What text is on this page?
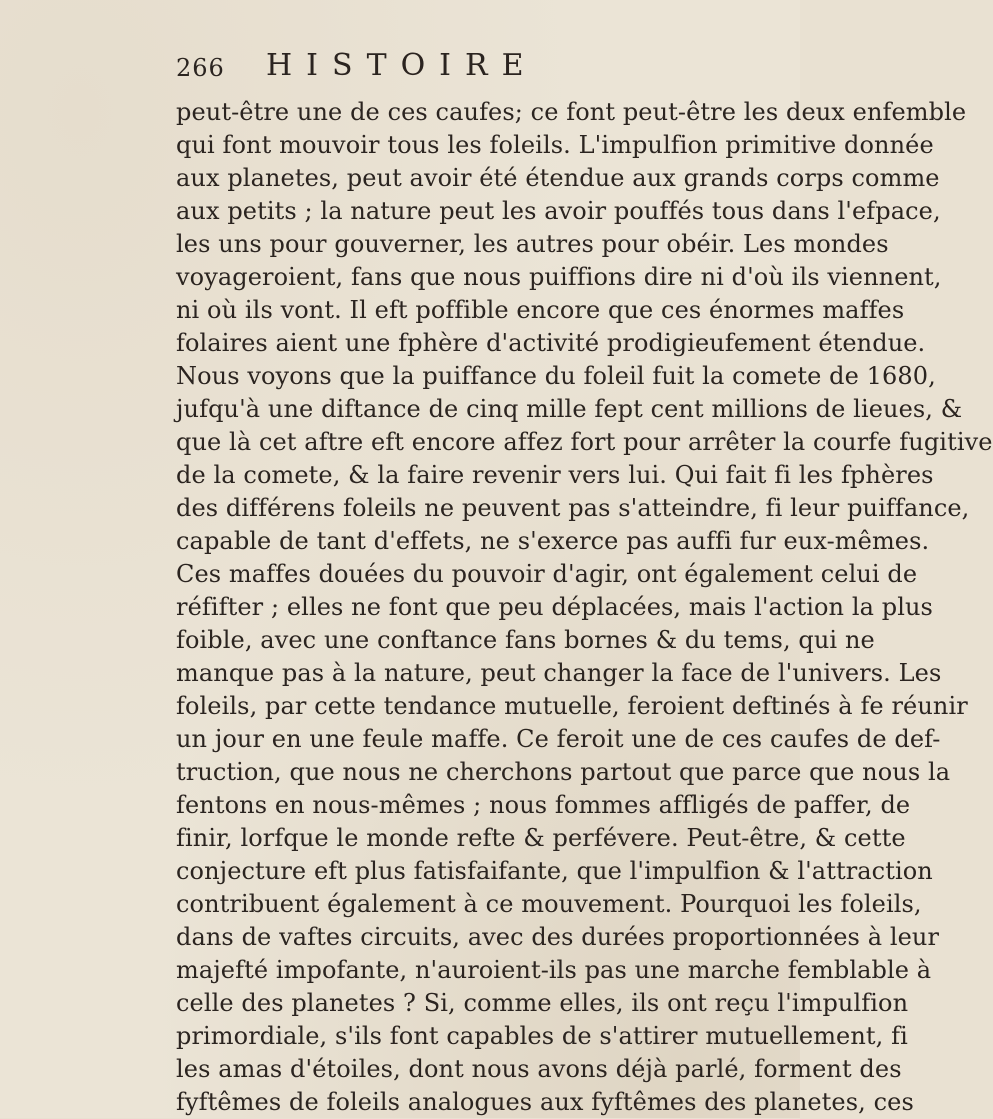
266 HISTOIRE
peut-être une de ces caufes; ce font peut-être les deux enfemble
qui font mouvoir tous les foleils. L'impulfion primitive donnée
aux planetes, peut avoir été étendue aux grands corps comme
aux petits ; la nature peut les avoir pouffés tous dans l'efpace,
les uns pour gouverner, les autres pour obéir. Les mondes
voyageroient, fans que nous puiffions dire ni d'où ils viennent,
ni où ils vont. Il eft poffible encore que ces énormes maffes
folaires aient une fphère d'activité prodigieufement étendue.
Nous voyons que la puiffance du foleil fuit la comete de 1680,
jufqu'à une diftance de cinq mille fept cent millions de lieues, &
que là cet aftre eft encore affez fort pour arrêter la courfe fugitive
de la comete, & la faire revenir vers lui. Qui fait fi les fphères
des différens foleils ne peuvent pas s'atteindre, fi leur puiffance,
capable de tant d'effets, ne s'exerce pas auffi fur eux-mêmes.
Ces maffes douées du pouvoir d'agir, ont également celui de
réfifter ; elles ne font que peu déplacées, mais l'action la plus
foible, avec une conftance fans bornes & du tems, qui ne
manque pas à la nature, peut changer la face de l'univers. Les
foleils, par cette tendance mutuelle, feroient deftinés à fe réunir
un jour en une feule maffe. Ce feroit une de ces caufes de def-
truction, que nous ne cherchons partout que parce que nous la
fentons en nous-mêmes ; nous fommes affligés de paffer, de
finir, lorfque le monde refte & perfévere. Peut-être, & cette
conjecture eft plus fatisfaifante, que l'impulfion & l'attraction
contribuent également à ce mouvement. Pourquoi les foleils,
dans de vaftes circuits, avec des durées proportionnées à leur
majefté impofante, n'auroient-ils pas une marche femblable à
celle des planetes ? Si, comme elles, ils ont reçu l'impulfion
primordiale, s'ils font capables de s'attirer mutuellement, fi
les amas d'étoiles, dont nous avons déjà parlé, forment des
fyftêmes de foleils analogues aux fyftêmes des planetes, ces
